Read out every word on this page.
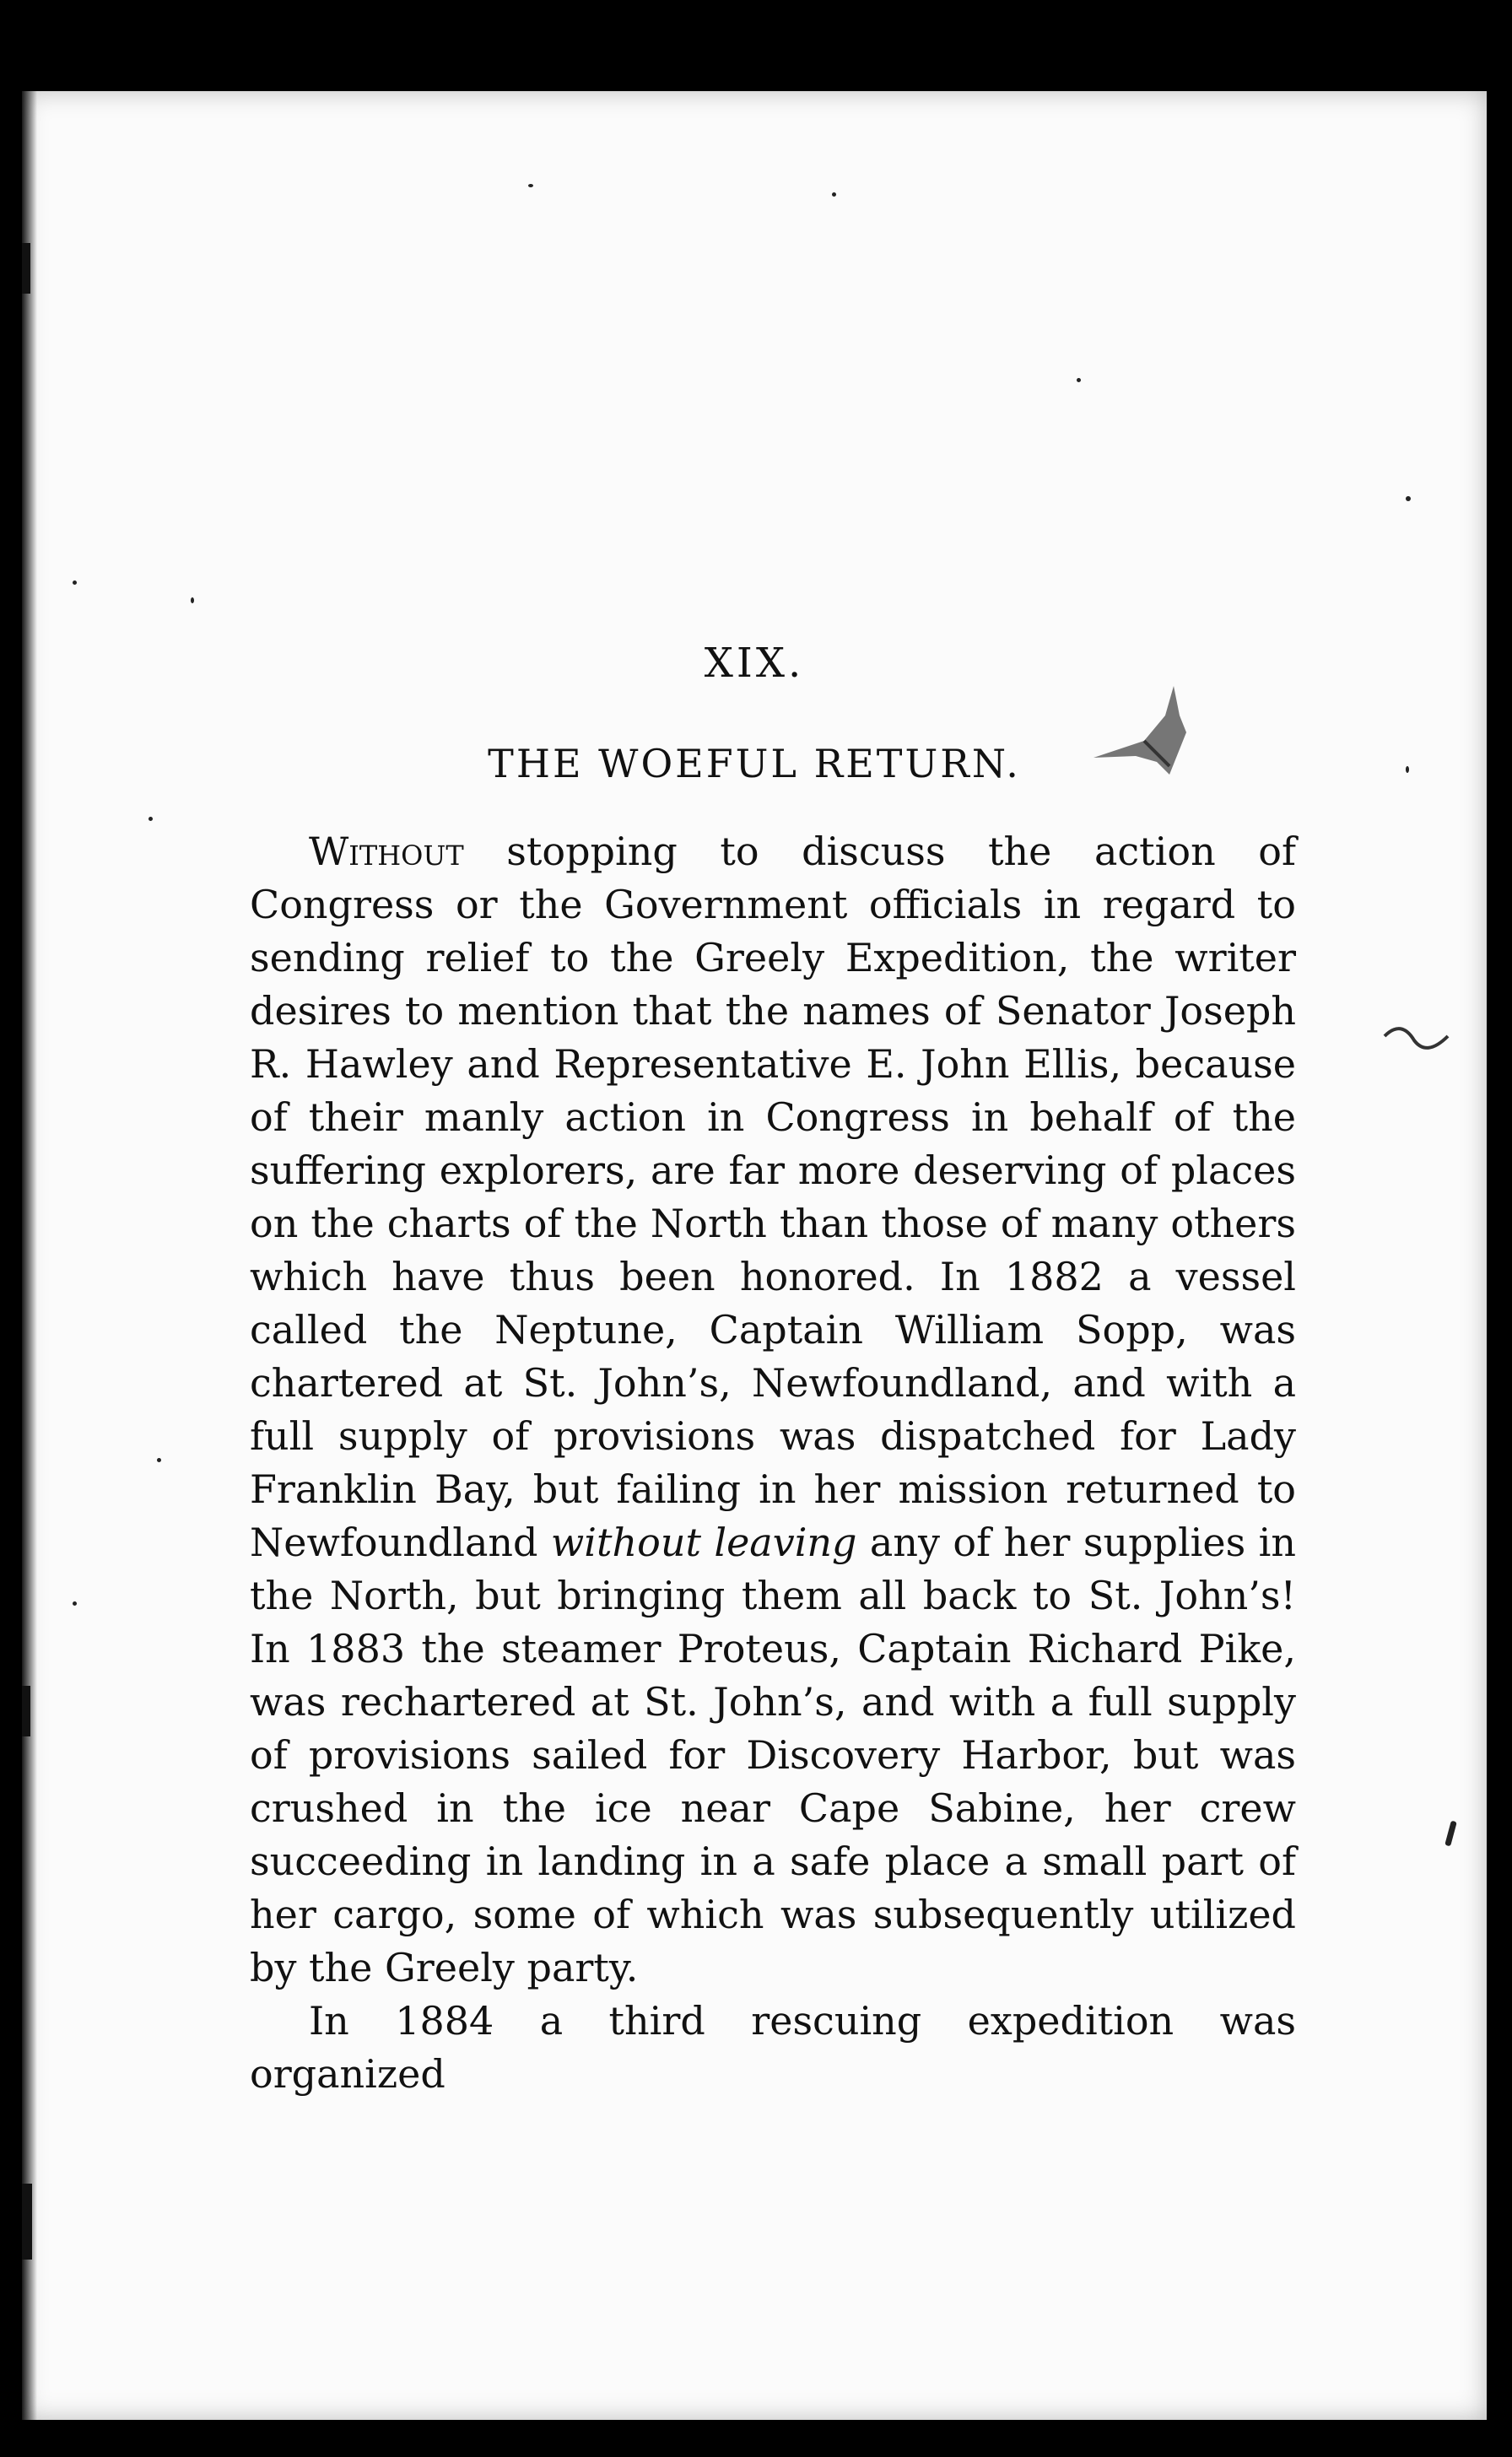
XIX.
THE WOEFUL RETURN.

Without stopping to discuss the action of Congress or the Government officials in regard to sending relief to the Greely Expedition, the writer desires to mention that the names of Senator Joseph R. Hawley and Representative E. John Ellis, because of their manly action in Congress in behalf of the suffering explorers, are far more deserving of places on the charts of the North than those of many others which have thus been honored. In 1882 a vessel called the Neptune, Captain William Sopp, was chartered at St. John’s, Newfoundland, and with a full supply of provisions was dispatched for Lady Franklin Bay, but failing in her mission returned to Newfoundland without leaving any of her supplies in the North, but bringing them all back to St. John’s! In 1883 the steamer Proteus, Captain Richard Pike, was rechartered at St. John’s, and with a full supply of provisions sailed for Discovery Harbor, but was crushed in the ice near Cape Sabine, her crew succeeding in landing in a safe place a small part of her cargo, some of which was subsequently utilized by the Greely party.

In 1884 a third rescuing expedition was organized
